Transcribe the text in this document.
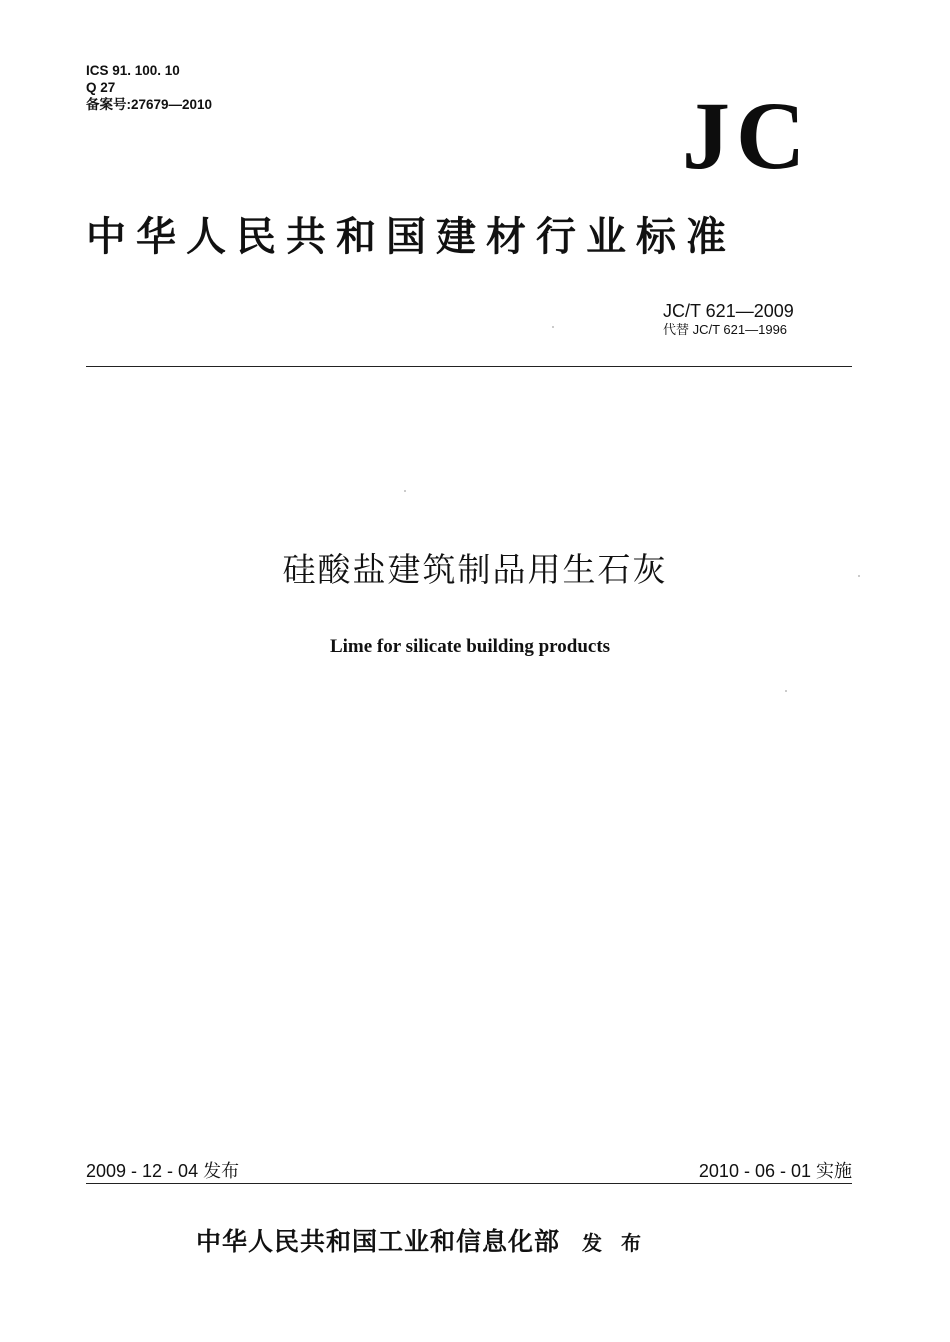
ICS 91. 100. 10
Q 27
备案号:27679—2010	JC
中华人民共和国建材行业标准
JC/T 621—2009
代替 JC/T 621—1996
硅酸盐建筑制品用生石灰
Lime for silicate building products
2009 - 12 - 04 发布	2010 - 06 - 01 实施
中华人民共和国工业和信息化部 发 布
